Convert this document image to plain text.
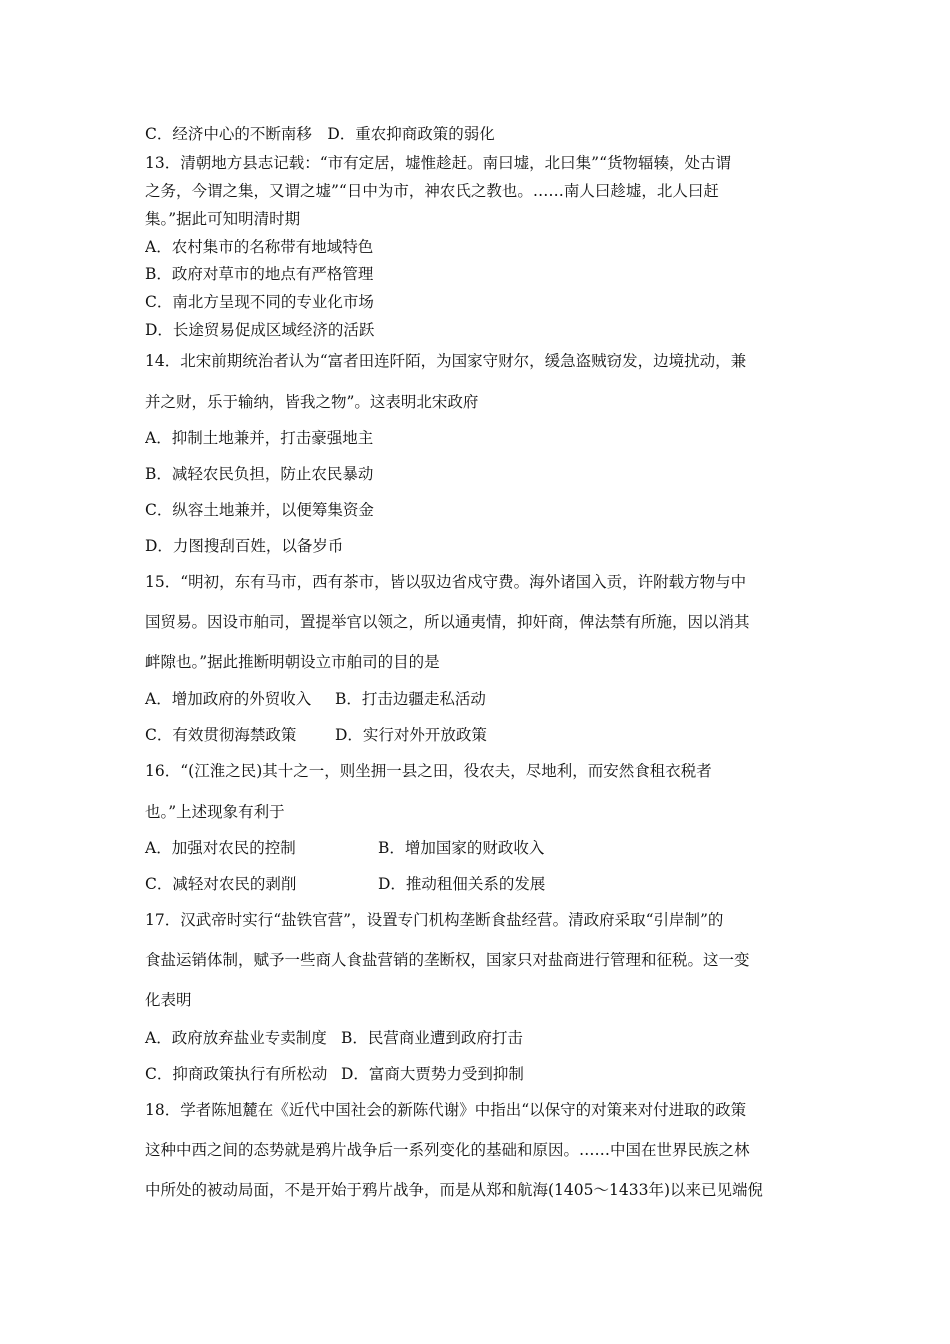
C．经济中心的不断南移　D．重农抑商政策的弱化
13．清朝地方县志记载：“市有定居，墟惟趁赶。南曰墟，北曰集”“货物辐辏，处古谓
之务，今谓之集，又谓之墟”“日中为市，神农氏之教也。……南人曰趁墟，北人曰赶
集。”据此可知明清时期
A．农村集市的名称带有地域特色
B．政府对草市的地点有严格管理
C．南北方呈现不同的专业化市场
D．长途贸易促成区域经济的活跃
14．北宋前期统治者认为“富者田连阡陌，为国家守财尔，缓急盗贼窃发，边境扰动，兼
并之财，乐于输纳，皆我之物”。这表明北宋政府
A．抑制土地兼并，打击豪强地主
B．减轻农民负担，防止农民暴动
C．纵容土地兼并，以便筹集资金
D．力图搜刮百姓，以备岁币
15．“明初，东有马市，西有茶市，皆以驭边省戍守费。海外诸国入贡，许附载方物与中
国贸易。因设市舶司，置提举官以领之，所以通夷情，抑奸商，俾法禁有所施，因以消其
衅隙也。”据此推断明朝设立市舶司的目的是
A．增加政府的外贸收入 B．打击边疆走私活动
C．有效贯彻海禁政策 D．实行对外开放政策
16．“(江淮之民)其十之一，则坐拥一县之田，役农夫，尽地利，而安然食租衣税者
也。”上述现象有利于
A．加强对农民的控制	B．增加国家的财政收入
C．减轻对农民的剥削	D．推动租佃关系的发展
17．汉武帝时实行“盐铁官营”，设置专门机构垄断食盐经营。清政府采取“引岸制”的
食盐运销体制，赋予一些商人食盐营销的垄断权，国家只对盐商进行管理和征税。这一变
化表明
A．政府放弃盐业专卖制度 B．民营商业遭到政府打击
C．抑商政策执行有所松动 D．富商大贾势力受到抑制
18．学者陈旭麓在《近代中国社会的新陈代谢》中指出“以保守的对策来对付进取的政策
这种中西之间的态势就是鸦片战争后一系列变化的基础和原因。……中国在世界民族之林
中所处的被动局面，不是开始于鸦片战争，而是从郑和航海(1405～1433年)以来已见端倪
